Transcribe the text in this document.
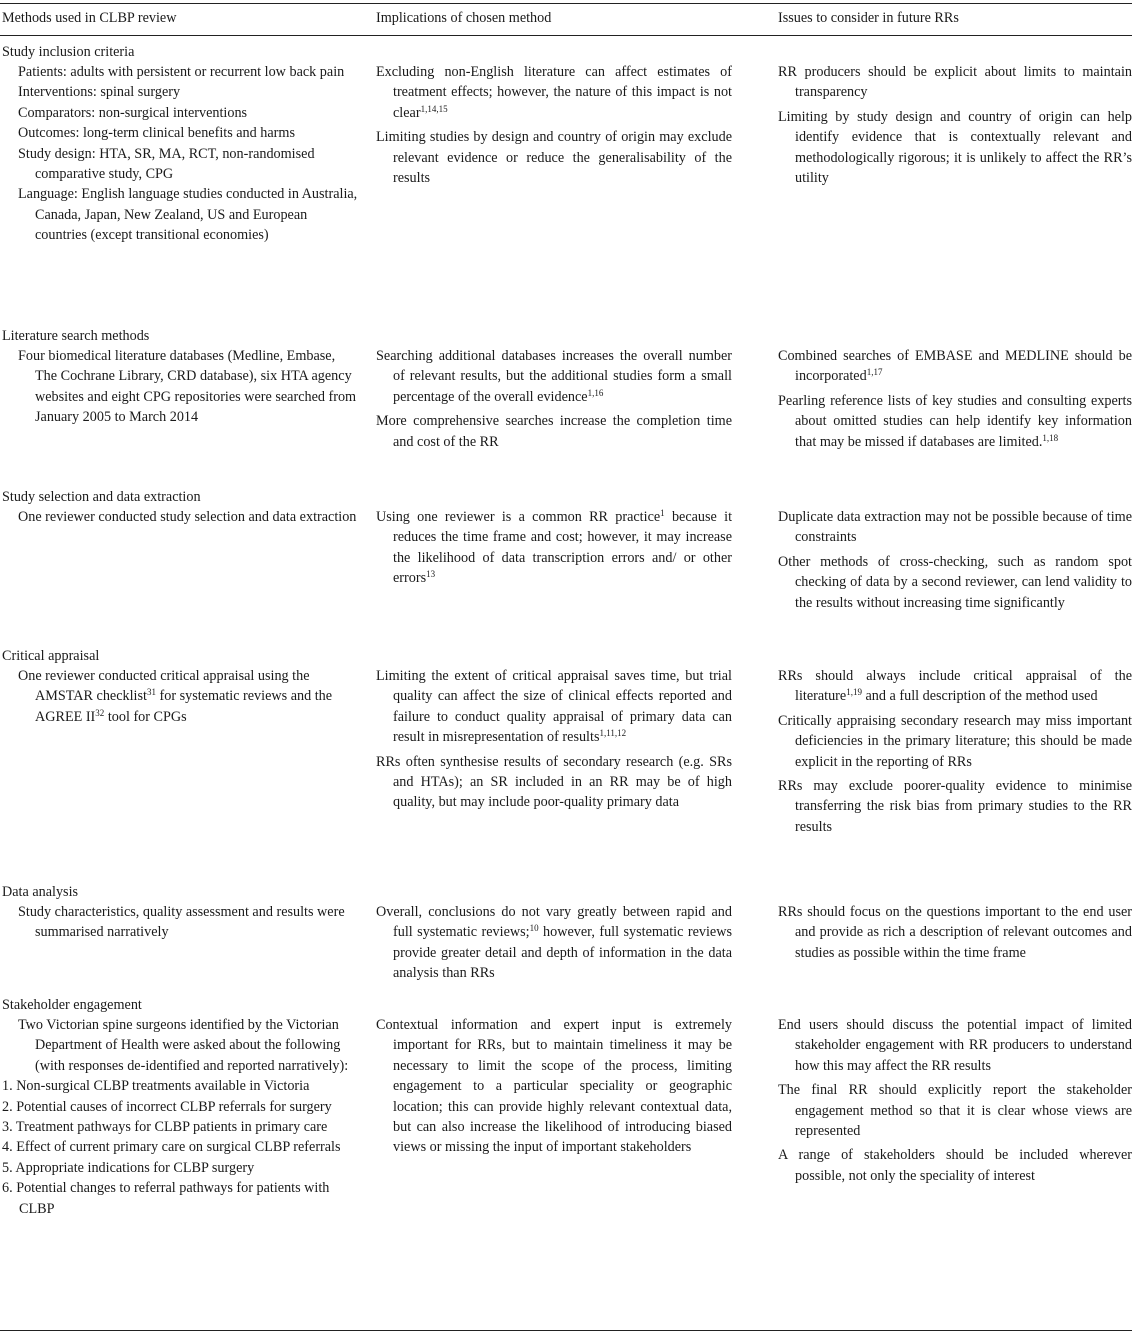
Methods used in CLBP review	Implications of chosen method	Issues to consider in future RRs
Study inclusion criteria
Patients: adults with persistent or recurrent low back pain
Interventions: spinal surgery
Comparators: non-surgical interventions
Outcomes: long-term clinical benefits and harms
Study design: HTA, SR, MA, RCT, non-randomised comparative study, CPG
Language: English language studies conducted in Australia, Canada, Japan, New Zealand, US and European countries (except transitional economies)
Excluding non-English literature can affect estimates of treatment effects; however, the nature of this impact is not clear$^{1,14,15}$
Limiting studies by design and country of origin may exclude relevant evidence or reduce the generalisability of the results
RR producers should be explicit about limits to maintain transparency
Limiting by study design and country of origin can help identify evidence that is contextually relevant and methodologically rigorous; it is unlikely to affect the RR’s utility
Literature search methods
Four biomedical literature databases (Medline, Embase, The Cochrane Library, CRD database), six HTA agency websites and eight CPG repositories were searched from January 2005 to March 2014
Searching additional databases increases the overall number of relevant results, but the additional studies form a small percentage of the overall evidence$^{1,16}$
More comprehensive searches increase the completion time and cost of the RR
Combined searches of EMBASE and MEDLINE should be incorporated$^{1,17}$
Pearling reference lists of key studies and consulting experts about omitted studies can help identify key information that may be missed if databases are limited.$^{1,18}$
Study selection and data extraction
One reviewer conducted study selection and data extraction Using one reviewer is a common RR practice$^1$ because it reduces the time frame and cost; however, it may increase the likelihood of data transcription errors and/ or other errors$^{13}$
Duplicate data extraction may not be possible because of time constraints
Other methods of cross-checking, such as random spot checking of data by a second reviewer, can lend validity to the results without increasing time significantly
Critical appraisal
One reviewer conducted critical appraisal using the AMSTAR checklist$^{31}$ for systematic reviews and the AGREE II$^{32}$ tool for CPGs
Limiting the extent of critical appraisal saves time, but trial quality can affect the size of clinical effects reported and failure to conduct quality appraisal of primary data can result in misrepresentation of results$^{1,11,12}$
RRs often synthesise results of secondary research (e.g. SRs and HTAs); an SR included in an RR may be of high quality, but may include poor-quality primary data
RRs should always include critical appraisal of the literature$^{1,19}$ and a full description of the method used
Critically appraising secondary research may miss important deficiencies in the primary literature; this should be made explicit in the reporting of RRs
RRs may exclude poorer-quality evidence to minimise transferring the risk bias from primary studies to the RR results
Data analysis
Study characteristics, quality assessment and results were summarised narratively
Overall, conclusions do not vary greatly between rapid and full systematic reviews;$^{10}$ however, full systematic reviews provide greater detail and depth of information in the data analysis than RRs
RRs should focus on the questions important to the end user and provide as rich a description of relevant outcomes and studies as possible within the time frame
Stakeholder engagement
Two Victorian spine surgeons identified by the Victorian Department of Health were asked about the following (with responses de-identified and reported narratively):
1. Non-surgical CLBP treatments available in Victoria
2. Potential causes of incorrect CLBP referrals for surgery
3. Treatment pathways for CLBP patients in primary care
4. Effect of current primary care on surgical CLBP referrals
5. Appropriate indications for CLBP surgery
6. Potential changes to referral pathways for patients with CLBP
Contextual information and expert input is extremely important for RRs, but to maintain timeliness it may be necessary to limit the scope of the process, limiting engagement to a particular speciality or geographic location; this can provide highly relevant contextual data, but can also increase the likelihood of introducing biased views or missing the input of important stakeholders
End users should discuss the potential impact of limited stakeholder engagement with RR producers to understand how this may affect the RR results
The final RR should explicitly report the stakeholder engagement method so that it is clear whose views are represented
A range of stakeholders should be included wherever possible, not only the speciality of interest
